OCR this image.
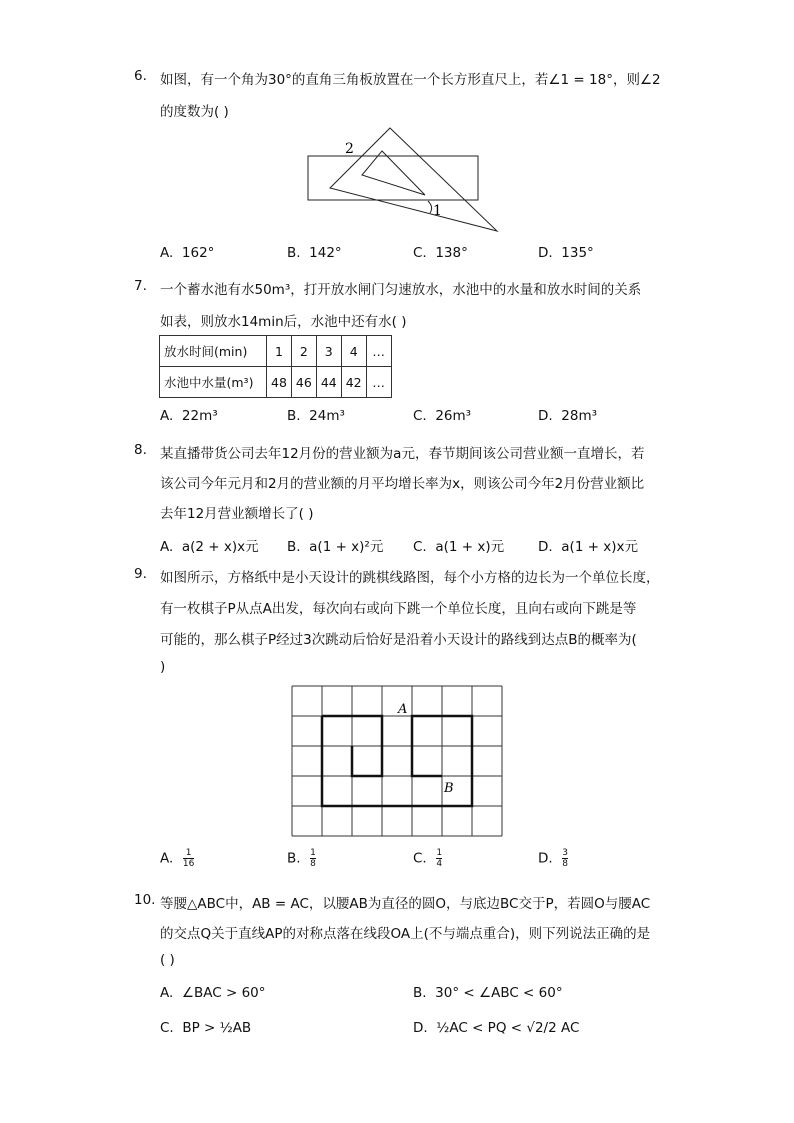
6. 如图，有一个角为30°的直角三角板放置在一个长方形直尺上，若∠1 = 18°，则∠2
的度数为( )
2
1
A. 162°	B. 142°	C. 138°	D. 135°
7. 一个蓄水池有水50m³，打开放水闸门匀速放水，水池中的水量和放水时间的关系
如表，则放水14min后，水池中还有水( )
放水时间(min)	1	2	3	4	…
水池中水量(m³)	48	46	44	42	…
A. 22m³	B. 24m³	C. 26m³	D. 28m³
8. 某直播带货公司去年12月份的营业额为a元，春节期间该公司营业额一直增长，若
该公司今年元月和2月的营业额的月平均增长率为x，则该公司今年2月份营业额比
去年12月营业额增长了( )
A. a(2 + x)x元 B. a(1 + x)²元 C. a(1 + x)元	D. a(1 + x)x元
9. 如图所示，方格纸中是小天设计的跳棋线路图，每个小方格的边长为一个单位长度，
有一枚棋子P从点A出发，每次向右或向下跳一个单位长度，且向右或向下跳是等
可能的，那么棋子P经过3次跳动后恰好是沿着小天设计的路线到达点B的概率为(
)
A
B
A. $\frac{1}{16}$	B. $\frac{1}{8}$	C. $\frac{1}{4}$	D. $\frac{3}{8}$
10. 等腰△ABC中，AB = AC，以腰AB为直径的圆O，与底边BC交于P，若圆O与腰AC
的交点Q关于直线AP的对称点落在线段OA上(不与端点重合)，则下列说法正确的是
( )
A. ∠BAC > 60°	B. 30° < ∠ABC < 60°
C. BP > ½AB	D. ½AC < PQ < √2/2 AC
